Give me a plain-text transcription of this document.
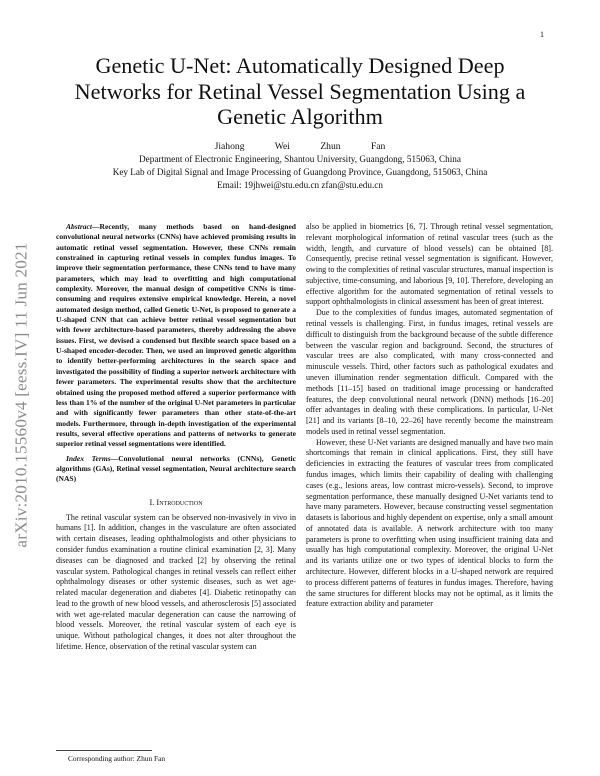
1
arXiv:2010.15560v4 [eess.IV] 11 Jun 2021
Genetic U-Net: Automatically Designed Deep Networks for Retinal Vessel Segmentation Using a Genetic Algorithm
Jiahong Wei Zhun Fan
Department of Electronic Engineering, Shantou University, Guangdong, 515063, China
Key Lab of Digital Signal and Image Processing of Guangdong Province, Guangdong, 515063, China
Email: 19jhwei@stu.edu.cn zfan@stu.edu.cn

Abstract—Recently, many methods based on hand-designed convolutional neural networks (CNNs) have achieved promising results in automatic retinal vessel segmentation. However, these CNNs remain constrained in capturing retinal vessels in complex fundus images. To improve their segmentation performance, these CNNs tend to have many parameters, which may lead to overfitting and high computational complexity. Moreover, the manual design of competitive CNNs is time-consuming and requires extensive empirical knowledge. Herein, a novel automated design method, called Genetic U-Net, is proposed to generate a U-shaped CNN that can achieve better retinal vessel segmentation but with fewer architecture-based parameters, thereby addressing the above issues. First, we devised a condensed but flexible search space based on a U-shaped encoder-decoder. Then, we used an improved genetic algorithm to identify better-performing architectures in the search space and investigated the possibility of finding a superior network architecture with fewer parameters. The experimental results show that the architecture obtained using the proposed method offered a superior performance with less than 1% of the number of the original U-Net parameters in particular and with significantly fewer parameters than other state-of-the-art models. Furthermore, through in-depth investigation of the experimental results, several effective operations and patterns of networks to generate superior retinal vessel segmentations were identified.

Index Terms—Convolutional neural networks (CNNs), Genetic algorithms (GAs), Retinal vessel segmentation, Neural architecture search (NAS)

I. Introduction

The retinal vascular system can be observed non-invasively in vivo in humans [1]. In addition, changes in the vasculature are often associated with certain diseases, leading ophthalmologists and other physicians to consider fundus examination a routine clinical examination [2, 3]. Many diseases can be diagnosed and tracked [2] by observing the retinal vascular system. Pathological changes in retinal vessels can reflect either ophthalmology diseases or other systemic diseases, such as wet age-related macular degeneration and diabetes [4]. Diabetic retinopathy can lead to the growth of new blood vessels, and atherosclerosis [5] associated with wet age-related macular degeneration can cause the narrowing of blood vessels. Moreover, the retinal vascular system of each eye is unique. Without pathological changes, it does not alter throughout the lifetime. Hence, observation of the retinal vascular system can

also be applied in biometrics [6, 7]. Through retinal vessel segmentation, relevant morphological information of retinal vascular trees (such as the width, length, and curvature of blood vessels) can be obtained [8]. Consequently, precise retinal vessel segmentation is significant. However, owing to the complexities of retinal vascular structures, manual inspection is subjective, time-consuming, and laborious [9, 10]. Therefore, developing an effective algorithm for the automated segmentation of retinal vessels to support ophthalmologists in clinical assessment has been of great interest.

Due to the complexities of fundus images, automated segmentation of retinal vessels is challenging. First, in fundus images, retinal vessels are difficult to distinguish from the background because of the subtle difference between the vascular region and background. Second, the structures of vascular trees are also complicated, with many cross-connected and minuscule vessels. Third, other factors such as pathological exudates and uneven illumination render segmentation difficult. Compared with the methods [11–15] based on traditional image processing or handcrafted features, the deep convolutional neural network (DNN) methods [16–20] offer advantages in dealing with these complications. In particular, U-Net [21] and its variants [8–10, 22–26] have recently become the mainstream models used in retinal vessel segmentation.

However, these U-Net variants are designed manually and have two main shortcomings that remain in clinical applications. First, they still have deficiencies in extracting the features of vascular trees from complicated fundus images, which limits their capability of dealing with challenging cases (e.g., lesions areas, low contrast micro-vessels). Second, to improve segmentation performance, these manually designed U-Net variants tend to have many parameters. However, because constructing vessel segmentation datasets is laborious and highly dependent on expertise, only a small amount of annotated data is available. A network architecture with too many parameters is prone to overfitting when using insufficient training data and usually has high computational complexity. Moreover, the original U-Net and its variants utilize one or two types of identical blocks to form the architecture. However, different blocks in a U-shaped network are required to process different patterns of features in fundus images. Therefore, having the same structures for different blocks may not be optimal, as it limits the feature extraction ability and parameter

Corresponding author: Zhun Fan
